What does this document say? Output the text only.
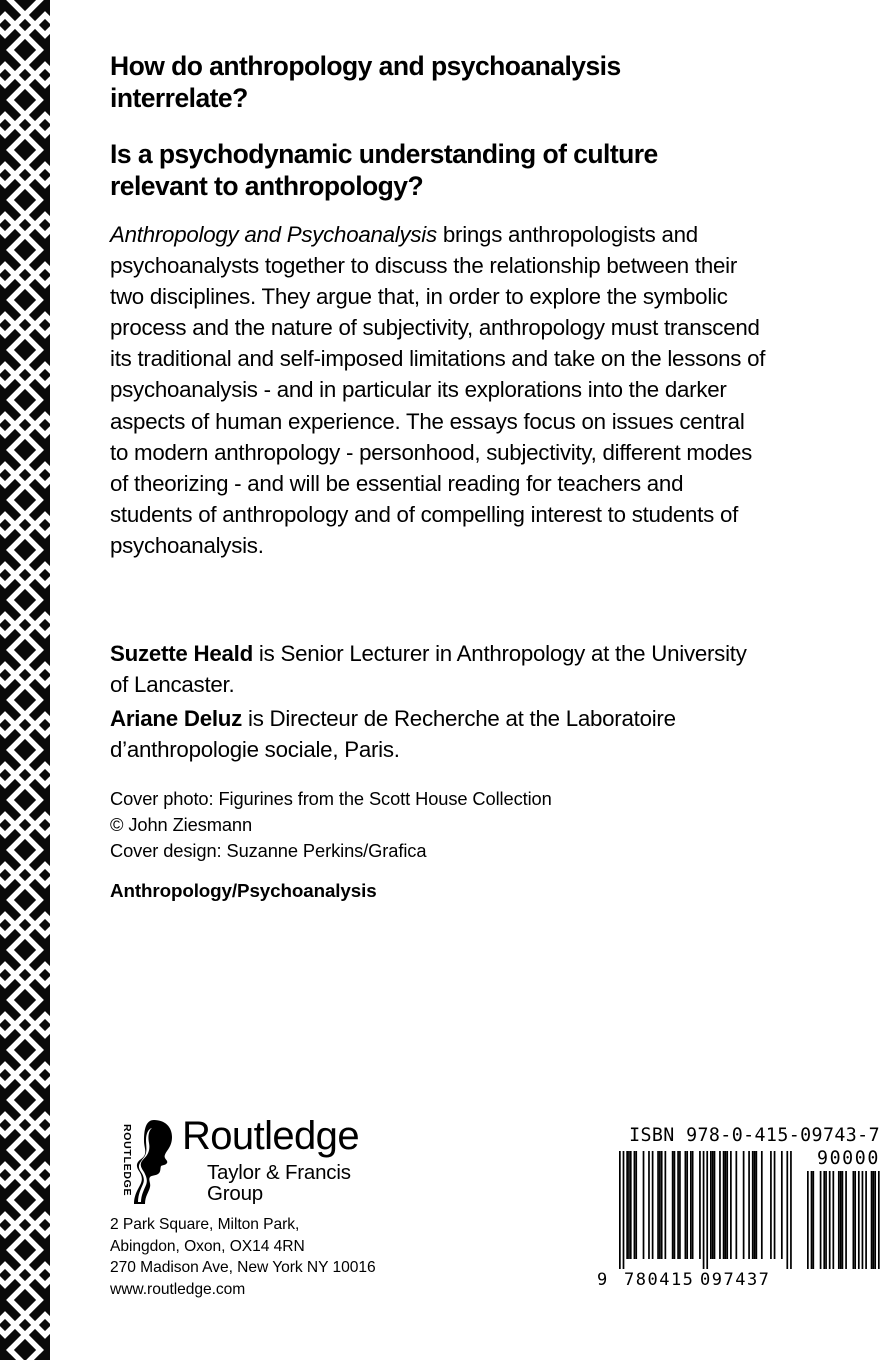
How do anthropology and psychoanalysis interrelate?
Is a psychodynamic understanding of culture relevant to anthropology?

Anthropology and Psychoanalysis brings anthropologists and psychoanalysts together to discuss the relationship between their two disciplines. They argue that, in order to explore the symbolic process and the nature of subjectivity, anthropology must transcend its traditional and self-imposed limitations and take on the lessons of psychoanalysis - and in particular its explorations into the darker aspects of human experience. The essays focus on issues central to modern anthropology - personhood, subjectivity, different modes of theorizing - and will be essential reading for teachers and students of anthropology and of compelling interest to students of psychoanalysis.

Suzette Heald is Senior Lecturer in Anthropology at the University of Lancaster.
Ariane Deluz is Directeur de Recherche at the Laboratoire d’anthropologie sociale, Paris.
Cover photo: Figurines from the Scott House Collection
© John Ziesmann
Cover design: Suzanne Perkins/Grafica
Anthropology/Psychoanalysis
ROUTLEDGE Routledge
Taylor & Francis Group
2 Park Square, Milton Park,
Abingdon, Oxon, OX14 4RN
270 Madison Ave, New York NY 10016
www.routledge.com
ISBN 978-0-415-09743-7
90000
9 780415 097437
